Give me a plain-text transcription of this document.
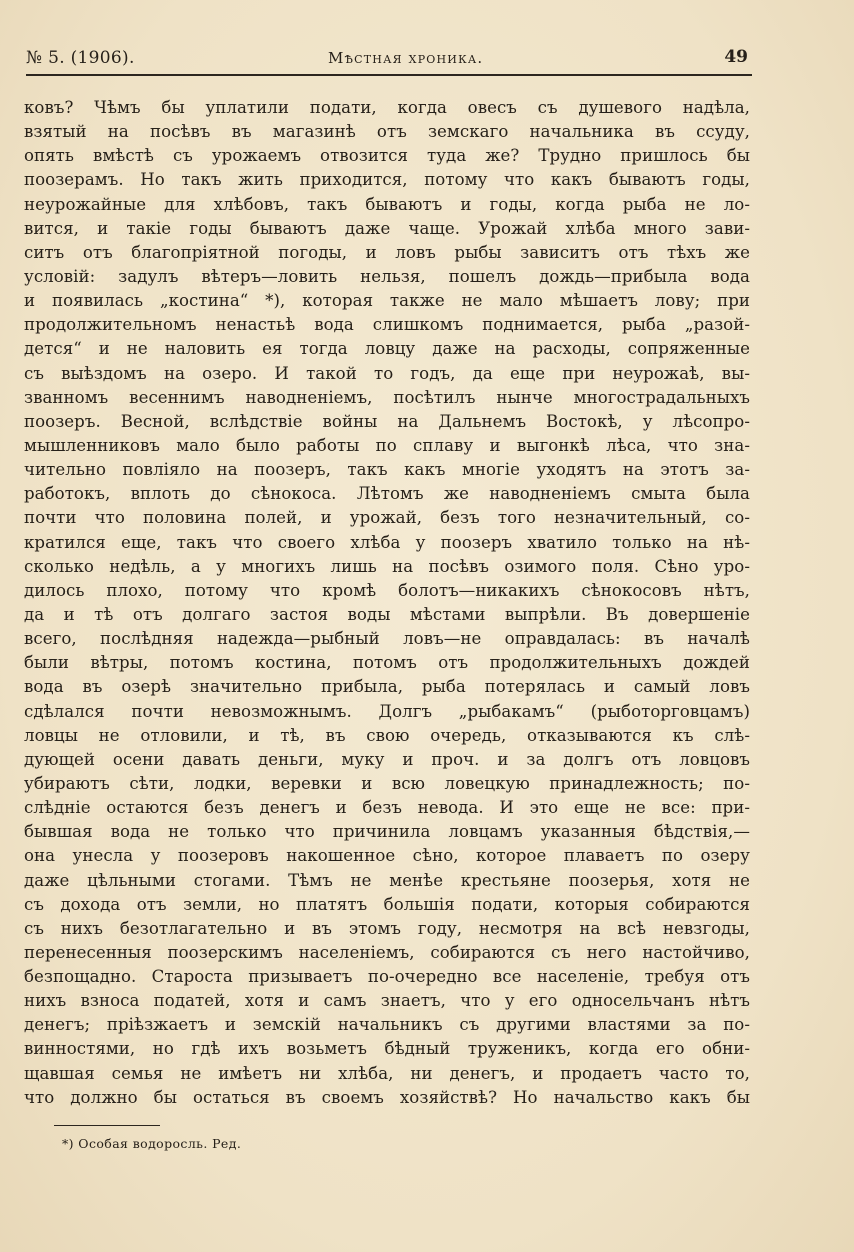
№ 5. (1906).	Мѣстная хроника.	49
ковъ? Чѣмъ бы уплатили подати, когда овесъ съ душевого надѣла,
взятый на посѣвъ въ магазинѣ отъ земскаго начальника въ ссуду,
опять вмѣстѣ съ урожаемъ отвозится туда же? Трудно пришлось бы
поозерамъ. Но такъ жить приходится, потому что какъ бываютъ годы,
неурожайные для хлѣбовъ, такъ бываютъ и годы, когда рыба не ло-
вится, и такіе годы бываютъ даже чаще. Урожай хлѣба много зави-
ситъ отъ благопріятной погоды, и ловъ рыбы зависитъ отъ тѣхъ же
условій: задулъ вѣтеръ—ловить нельзя, пошелъ дождь—прибыла вода
и появилась „костина“ *), которая также не мало мѣшаетъ лову; при
продолжительномъ ненастьѣ вода слишкомъ поднимается, рыба „разой-
дется“ и не наловить ея тогда ловцу даже на расходы, сопряженные
съ выѣздомъ на озеро. И такой то годъ, да еще при неурожаѣ, вы-
званномъ весеннимъ наводненіемъ, посѣтилъ нынче многострадальныхъ
поозеръ. Весной, вслѣдствіе войны на Дальнемъ Востокѣ, у лѣсопро-
мышленниковъ мало было работы по сплаву и выгонкѣ лѣса, что зна-
чительно повліяло на поозеръ, такъ какъ многіе уходятъ на этотъ за-
работокъ, вплоть до сѣнокоса. Лѣтомъ же наводненіемъ смыта была
почти что половина полей, и урожай, безъ того незначительный, со-
кратился еще, такъ что своего хлѣба у поозеръ хватило только на нѣ-
сколько недѣль, а у многихъ лишь на посѣвъ озимого поля. Сѣно уро-
дилось плохо, потому что кромѣ болотъ—никакихъ сѣнокосовъ нѣтъ,
да и тѣ отъ долгаго застоя воды мѣстами выпрѣли. Въ довершеніе
всего, послѣдняя надежда—рыбный ловъ—не оправдалась: въ началѣ
были вѣтры, потомъ костина, потомъ отъ продолжительныхъ дождей
вода въ озерѣ значительно прибыла, рыба потерялась и самый ловъ
сдѣлался почти невозможнымъ. Долгъ „рыбакамъ“ (рыботорговцамъ)
ловцы не отловили, и тѣ, въ свою очередь, отказываются къ слѣ-
дующей осени давать деньги, муку и проч. и за долгъ отъ ловцовъ
убираютъ сѣти, лодки, веревки и всю ловецкую принадлежность; по-
слѣдніе остаются безъ денегъ и безъ невода. И это еще не все: при-
бывшая вода не только что причинила ловцамъ указанныя бѣдствія,—
она унесла у поозеровъ накошенное сѣно, которое плаваетъ по озеру
даже цѣльными стогами. Тѣмъ не менѣе крестьяне поозерья, хотя не
съ дохода отъ земли, но платятъ большія подати, которыя собираются
съ нихъ безотлагательно и въ этомъ году, несмотря на всѣ невзгоды,
перенесенныя поозерскимъ населеніемъ, собираются съ него настойчиво,
безпощадно. Староста призываетъ по-очередно все населеніе, требуя отъ
нихъ взноса податей, хотя и самъ знаетъ, что у его односельчанъ нѣтъ
денегъ; пріѣзжаетъ и земскій начальникъ съ другими властями за по-
винностями, но гдѣ ихъ возьметъ бѣдный труженикъ, когда его обни-
щавшая семья не имѣетъ ни хлѣба, ни денегъ, и продаетъ часто то,
что должно бы остаться въ своемъ хозяйствѣ? Но начальство какъ бы
*) Особая водоросль. Ред.
